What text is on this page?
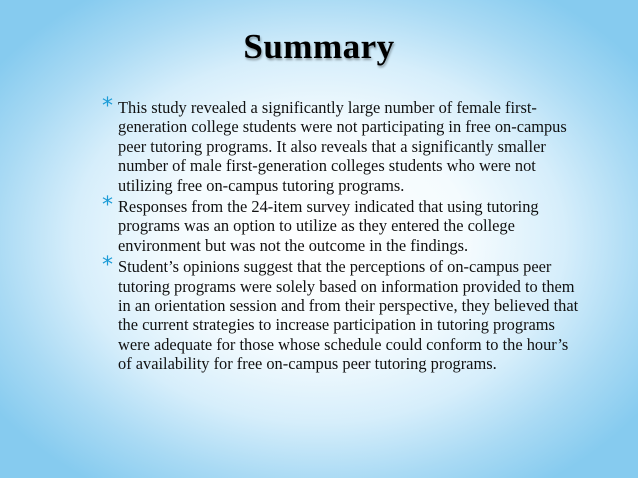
Summary
* This study revealed a significantly large number of female first-generation college students were not participating in free on-campus peer tutoring programs. It also reveals that a significantly smaller number of male first-generation colleges students who were not utilizing free on-campus tutoring programs.
* Responses from the 24-item survey indicated that using tutoring programs was an option to utilize as they entered the college environment but was not the outcome in the findings.
* Student’s opinions suggest that the perceptions of on-campus peer tutoring programs were solely based on information provided to them in an orientation session and from their perspective, they believed that the current strategies to increase participation in tutoring programs were adequate for those whose schedule could conform to the hour’s of availability for free on-campus peer tutoring programs.
